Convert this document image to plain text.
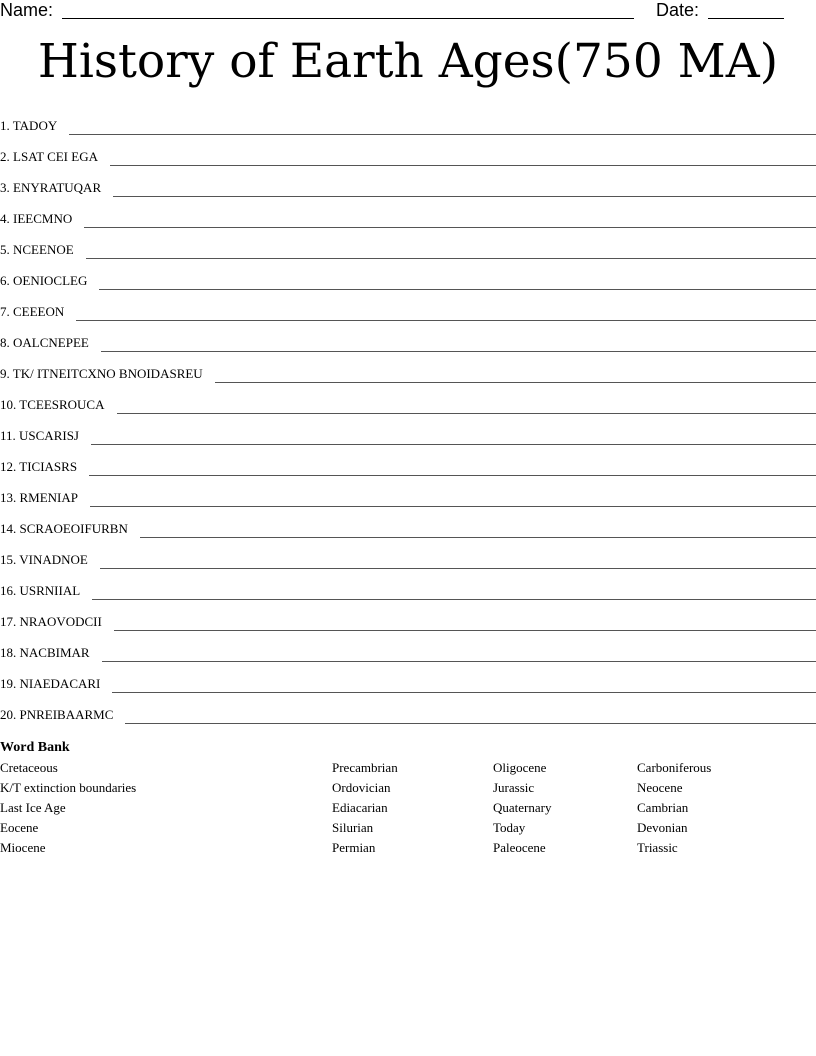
Name:	Date:
History of Earth Ages(750 MA)
1. TADOY
2. LSAT CEI EGA
3. ENYRATUQAR
4. IEECMNO
5. NCEENOE
6. OENIOCLEG
7. CEEEON
8. OALCNEPEE
9. TK/ ITNEITCXNO BNOIDASREU
10. TCEESROUCA
11. USCARISJ
12. TICIASRS
13. RMENIAP
14. SCRAOEOIFURBN
15. VINADNOE
16. USRNIIAL
17. NRAOVODCII
18. NACBIMAR
19. NIAEDACARI
20. PNREIBAARMC
Word Bank
Cretaceous
K/T extinction boundaries
Last Ice Age
Eocene
Miocene
Precambrian
Ordovician
Ediacarian
Silurian
Permian
Oligocene
Jurassic
Quaternary
Today
Paleocene
Carboniferous
Neocene
Cambrian
Devonian
Triassic
